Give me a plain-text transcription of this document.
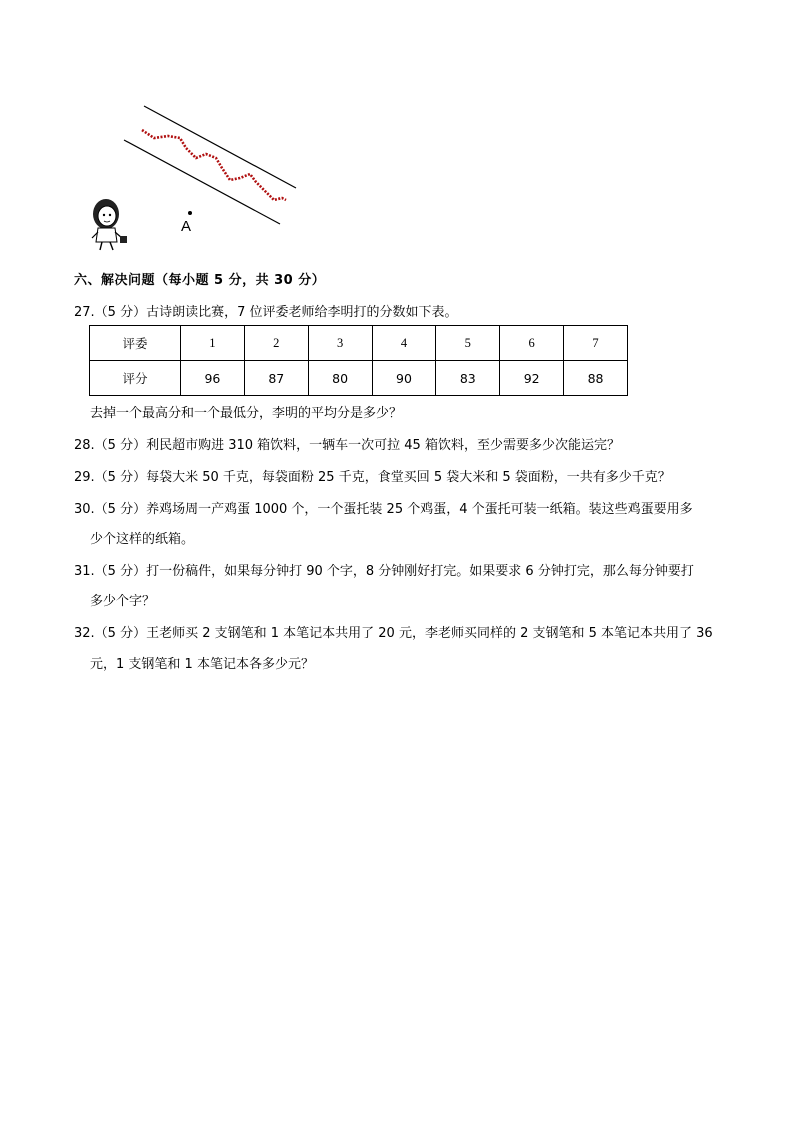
A
六、解决问题（每小题 5 分，共 30 分）
27.（5 分）古诗朗读比赛，7 位评委老师给李明打的分数如下表。
评委	1	2	3	4	5	6	7
评分	96	87	80	90	83	92	88
去掉一个最高分和一个最低分，李明的平均分是多少？
28.（5 分）利民超市购进 310 箱饮料，一辆车一次可拉 45 箱饮料，至少需要多少次能运完？
29.（5 分）每袋大米 50 千克，每袋面粉 25 千克，食堂买回 5 袋大米和 5 袋面粉，一共有多少千克？
30.（5 分）养鸡场周一产鸡蛋 1000 个，一个蛋托装 25 个鸡蛋，4 个蛋托可装一纸箱。装这些鸡蛋要用多
少个这样的纸箱。
31.（5 分）打一份稿件，如果每分钟打 90 个字，8 分钟刚好打完。如果要求 6 分钟打完，那么每分钟要打
多少个字？
32.（5 分）王老师买 2 支钢笔和 1 本笔记本共用了 20 元，李老师买同样的 2 支钢笔和 5 本笔记本共用了 36
元，1 支钢笔和 1 本笔记本各多少元？
